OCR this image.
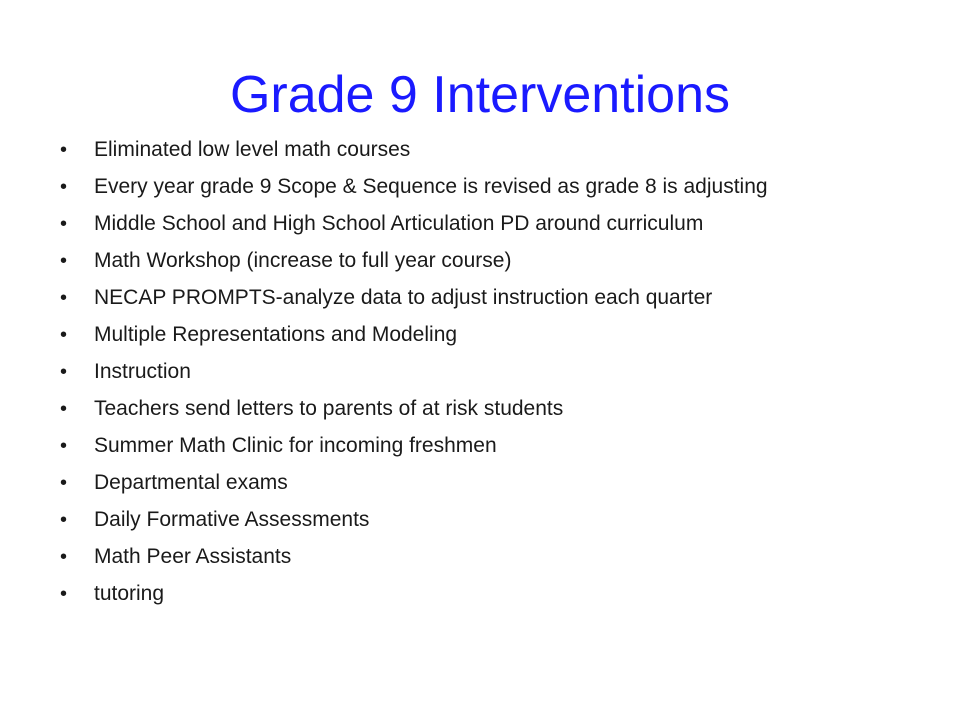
Grade 9 Interventions
• Eliminated low level math courses
• Every year grade 9 Scope & Sequence is revised as grade 8 is adjusting
• Middle School and High School Articulation PD around curriculum
• Math Workshop (increase to full year course)
• NECAP PROMPTS-analyze data to adjust instruction each quarter
• Multiple Representations and Modeling
• Instruction
• Teachers send letters to parents of at risk students
• Summer Math Clinic for incoming freshmen
• Departmental exams
• Daily Formative Assessments
• Math Peer Assistants
• tutoring
